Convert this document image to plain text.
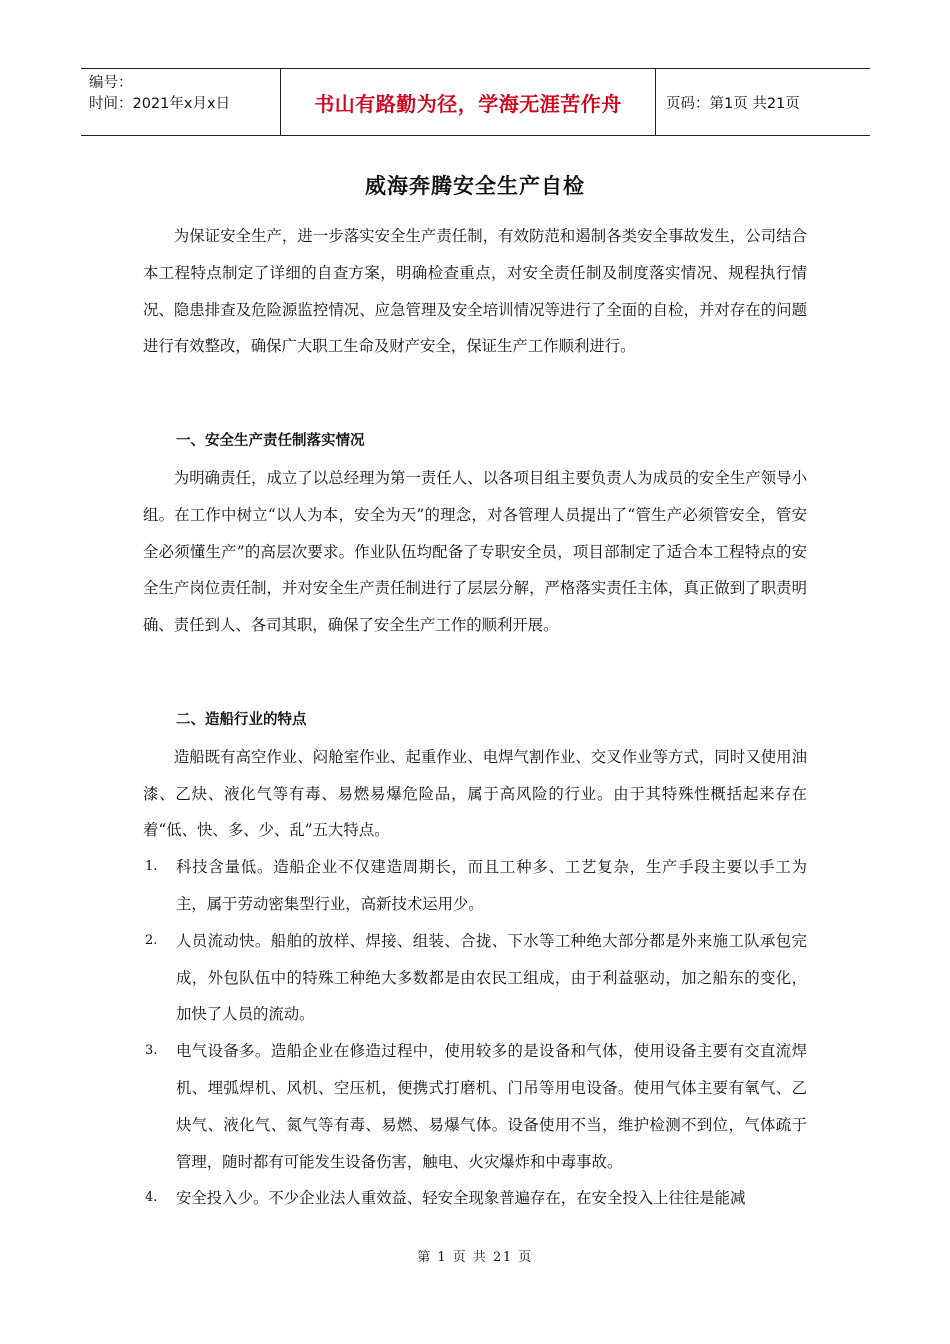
编号：
时间：2021年x月x日	书山有路勤为径，学海无涯苦作舟	页码：第1页 共21页
威海奔腾安全生产自检

为保证安全生产，进一步落实安全生产责任制，有效防范和遏制各类安全事故发生，公司结合本工程特点制定了详细的自查方案，明确检查重点，对安全责任制及制度落实情况、规程执行情况、隐患排查及危险源监控情况、应急管理及安全培训情况等进行了全面的自检，并对存在的问题进行有效整改，确保广大职工生命及财产安全，保证生产工作顺利进行。

一、安全生产责任制落实情况

为明确责任，成立了以总经理为第一责任人、以各项目组主要负责人为成员的安全生产领导小组。在工作中树立“以人为本，安全为天”的理念，对各管理人员提出了“管生产必须管安全，管安全必须懂生产”的高层次要求。作业队伍均配备了专职安全员，项目部制定了适合本工程特点的安全生产岗位责任制，并对安全生产责任制进行了层层分解，严格落实责任主体，真正做到了职责明确、责任到人、各司其职，确保了安全生产工作的顺利开展。

二、造船行业的特点

造船既有高空作业、闷舱室作业、起重作业、电焊气割作业、交叉作业等方式，同时又使用油漆、乙炔、液化气等有毒、易燃易爆危险品，属于高风险的行业。由于其特殊性概括起来存在着“低、快、多、少、乱”五大特点。

1.	科技含量低。造船企业不仅建造周期长，而且工种多、工艺复杂，生产手段主要以手工为主，属于劳动密集型行业，高新技术运用少。
2.	人员流动快。船舶的放样、焊接、组装、合拢、下水等工种绝大部分都是外来施工队承包完成，外包队伍中的特殊工种绝大多数都是由农民工组成，由于利益驱动，加之船东的变化，加快了人员的流动。
3.	电气设备多。造船企业在修造过程中，使用较多的是设备和气体，使用设备主要有交直流焊机、埋弧焊机、风机、空压机，便携式打磨机、门吊等用电设备。使用气体主要有氧气、乙炔气、液化气、氮气等有毒、易燃、易爆气体。设备使用不当，维护检测不到位，气体疏于管理，随时都有可能发生设备伤害，触电、火灾爆炸和中毒事故。
4.	安全投入少。不少企业法人重效益、轻安全现象普遍存在，在安全投入上往往是能减
第 1 页 共 21 页
